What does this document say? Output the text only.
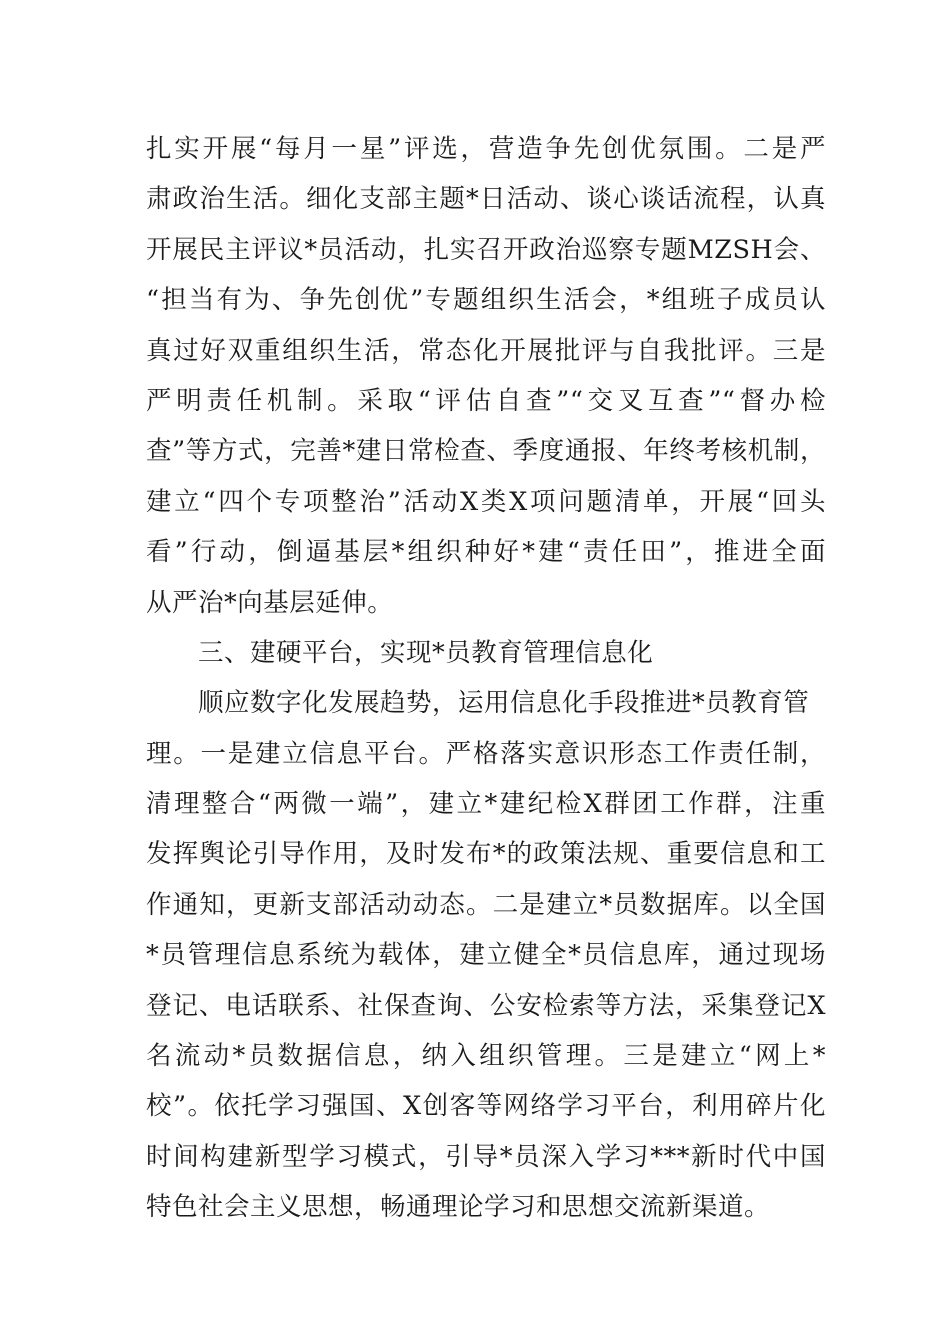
扎实开展“每月一星”评选，营造争先创优氛围。二是严
肃政治生活。细化支部主题*日活动、谈心谈话流程，认真
开展民主评议*员活动，扎实召开政治巡察专题MZSH会、
“担当有为、争先创优”专题组织生活会，*组班子成员认
真过好双重组织生活，常态化开展批评与自我批评。三是
严明责任机制。采取“评估自查”“交叉互查”“督办检
查”等方式，完善*建日常检查、季度通报、年终考核机制，
建立“四个专项整治”活动X类X项问题清单，开展“回头
看”行动，倒逼基层*组织种好*建“责任田”，推进全面
从严治*向基层延伸。
三、建硬平台，实现*员教育管理信息化
顺应数字化发展趋势，运用信息化手段推进*员教育管
理。一是建立信息平台。严格落实意识形态工作责任制，
清理整合“两微一端”，建立*建纪检X群团工作群，注重
发挥舆论引导作用，及时发布*的政策法规、重要信息和工
作通知，更新支部活动动态。二是建立*员数据库。以全国
*员管理信息系统为载体，建立健全*员信息库，通过现场
登记、电话联系、社保查询、公安检索等方法，采集登记X
名流动*员数据信息，纳入组织管理。三是建立“网上*
校”。依托学习强国、X创客等网络学习平台，利用碎片化
时间构建新型学习模式，引导*员深入学习***新时代中国
特色社会主义思想，畅通理论学习和思想交流新渠道。
